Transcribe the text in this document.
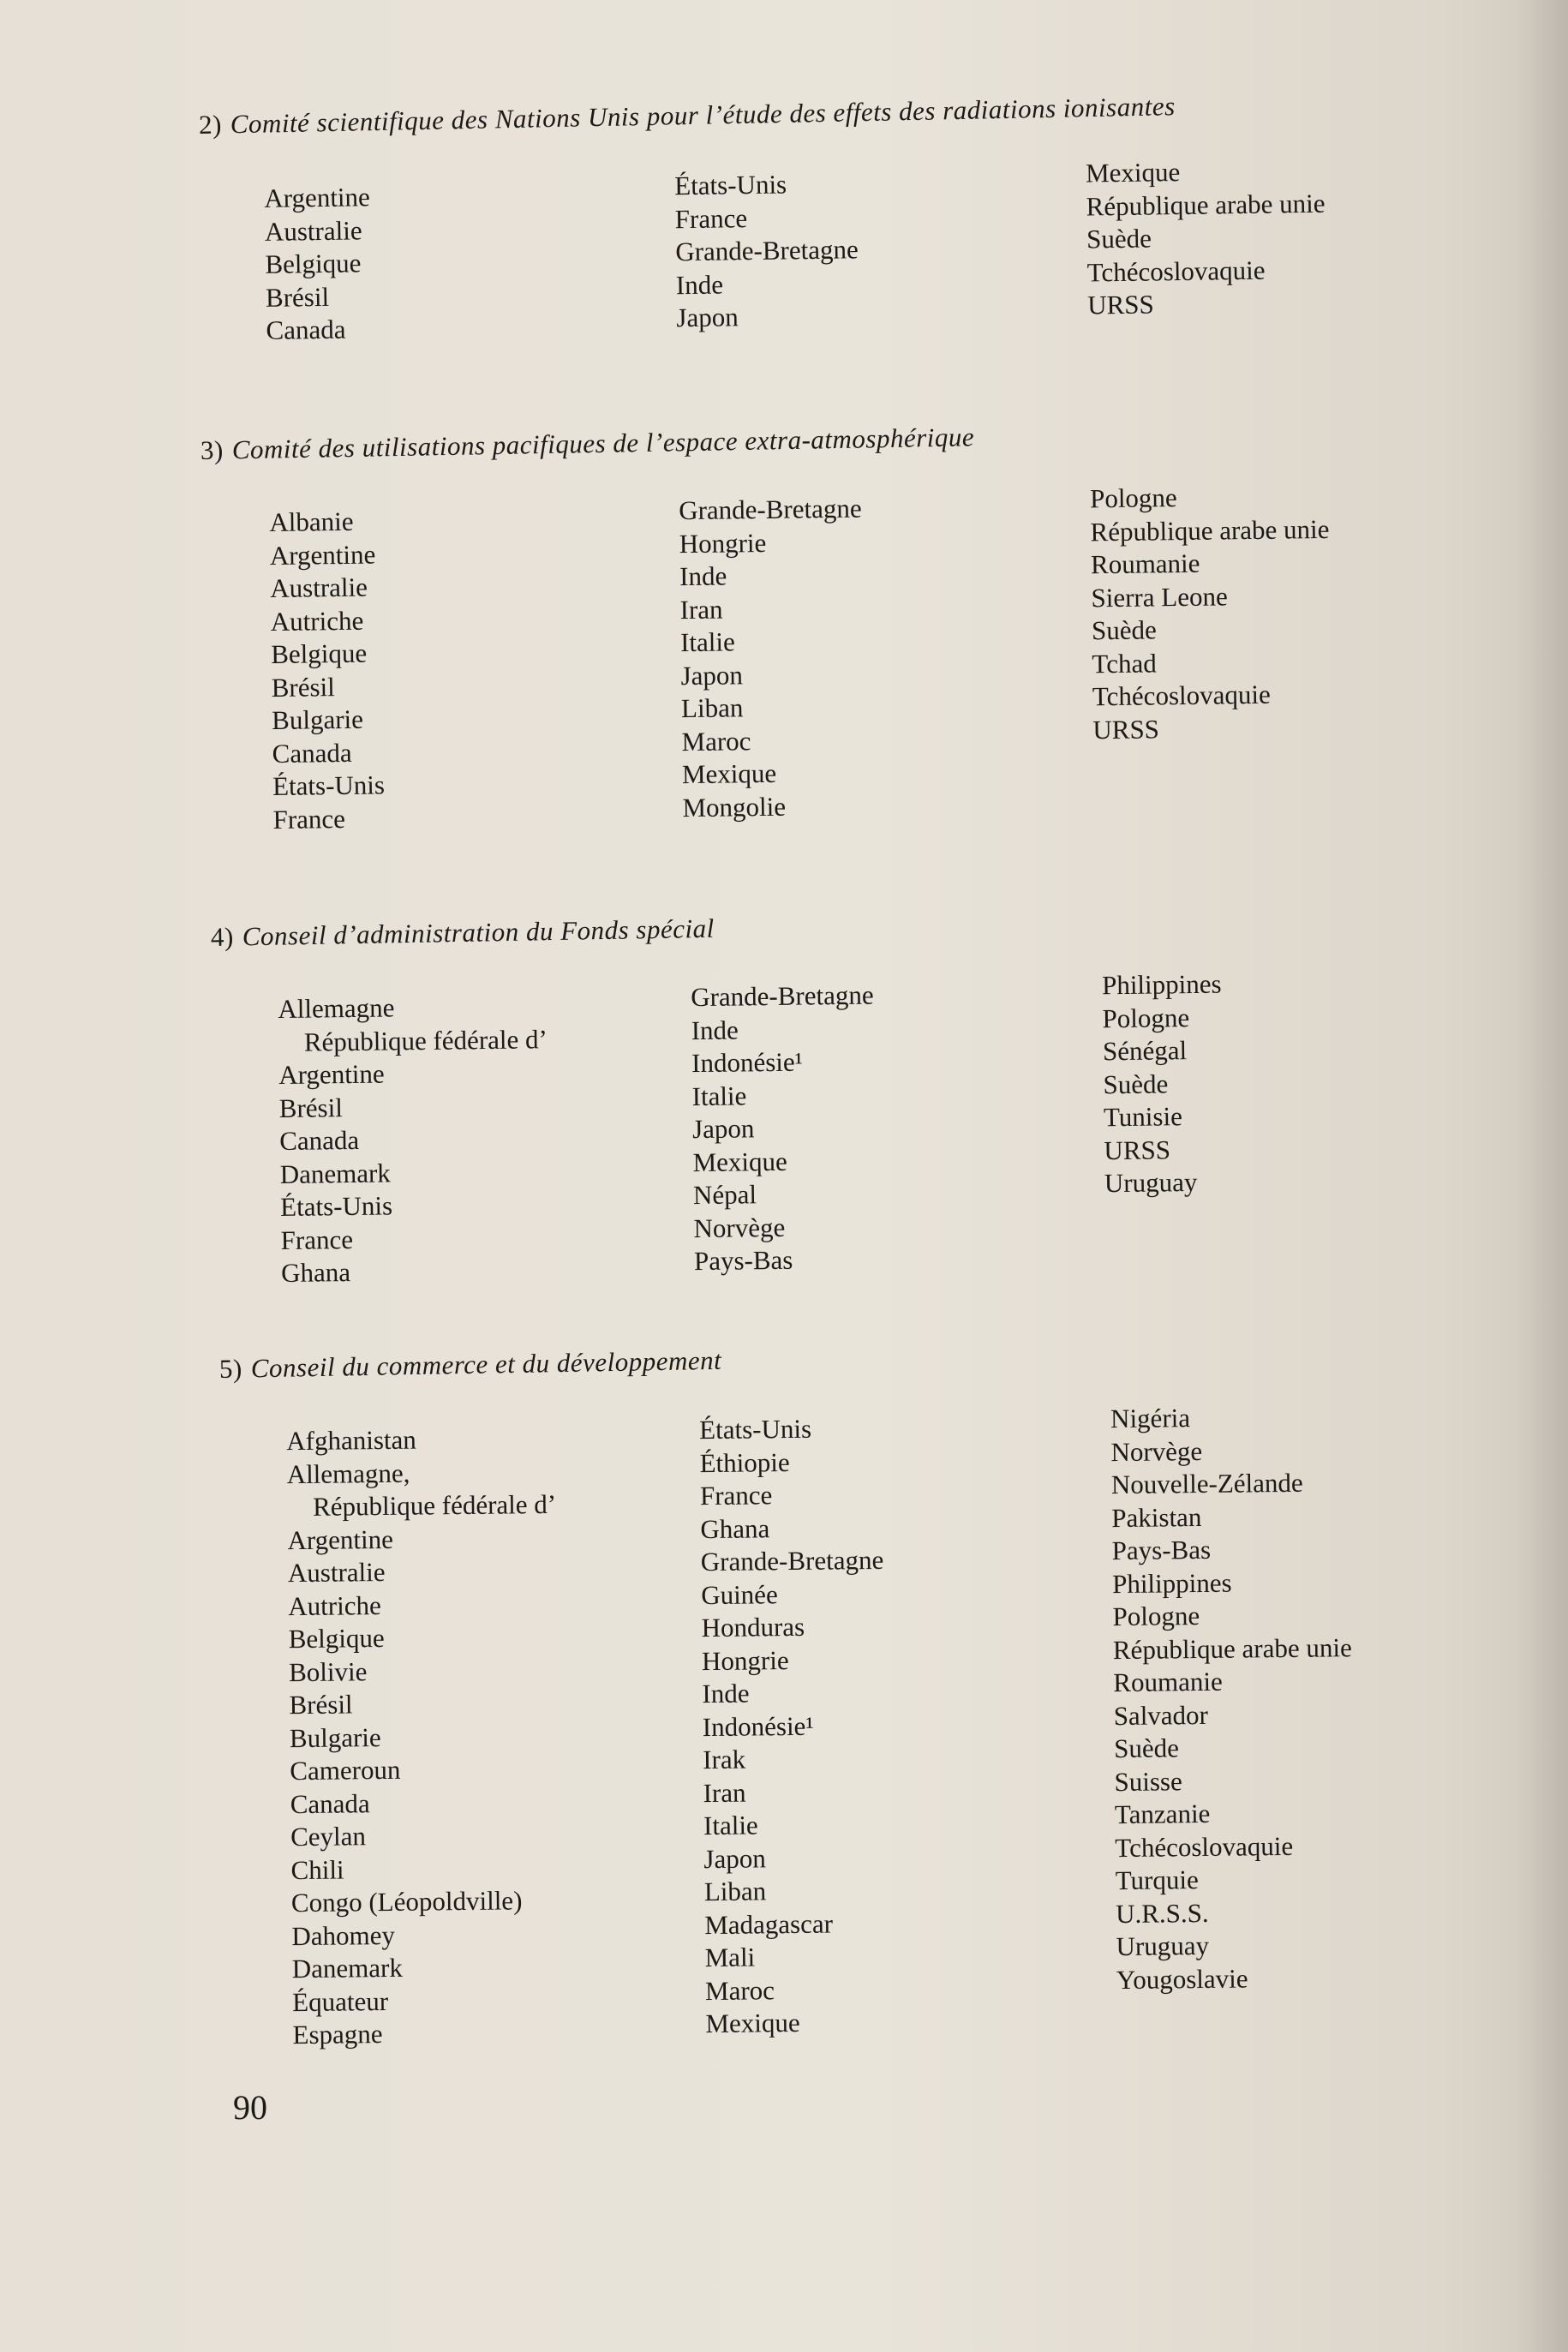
2) Comité scientifique des Nations Unis pour l’étude des effets des radiations ionisantes
Argentine
Australie
Belgique
Brésil
Canada
États-Unis
France
Grande-Bretagne
Inde
Japon
Mexique
République arabe unie
Suède
Tchécoslovaquie
URSS
3) Comité des utilisations pacifiques de l’espace extra-atmosphérique
Albanie
Argentine
Australie
Autriche
Belgique
Brésil
Bulgarie
Canada
États-Unis
France
Grande-Bretagne
Hongrie
Inde
Iran
Italie
Japon
Liban
Maroc
Mexique
Mongolie
Pologne
République arabe unie
Roumanie
Sierra Leone
Suède
Tchad
Tchécoslovaquie
URSS
4) Conseil d’administration du Fonds spécial
Allemagne
République fédérale d’
Argentine
Brésil
Canada
Danemark
États-Unis
France
Ghana
Grande-Bretagne
Inde
Indonésie¹
Italie
Japon
Mexique
Népal
Norvège
Pays-Bas
Philippines
Pologne
Sénégal
Suède
Tunisie
URSS
Uruguay
5) Conseil du commerce et du développement
Afghanistan
Allemagne,
République fédérale d’
Argentine
Australie
Autriche
Belgique
Bolivie
Brésil
Bulgarie
Cameroun
Canada
Ceylan
Chili
Congo (Léopoldville)
Dahomey
Danemark
Équateur
Espagne
États-Unis
Éthiopie
France
Ghana
Grande-Bretagne
Guinée
Honduras
Hongrie
Inde
Indonésie¹
Irak
Iran
Italie
Japon
Liban
Madagascar
Mali
Maroc
Mexique
Nigéria
Norvège
Nouvelle-Zélande
Pakistan
Pays-Bas
Philippines
Pologne
République arabe unie
Roumanie
Salvador
Suède
Suisse
Tanzanie
Tchécoslovaquie
Turquie
U.R.S.S.
Uruguay
Yougoslavie
90
